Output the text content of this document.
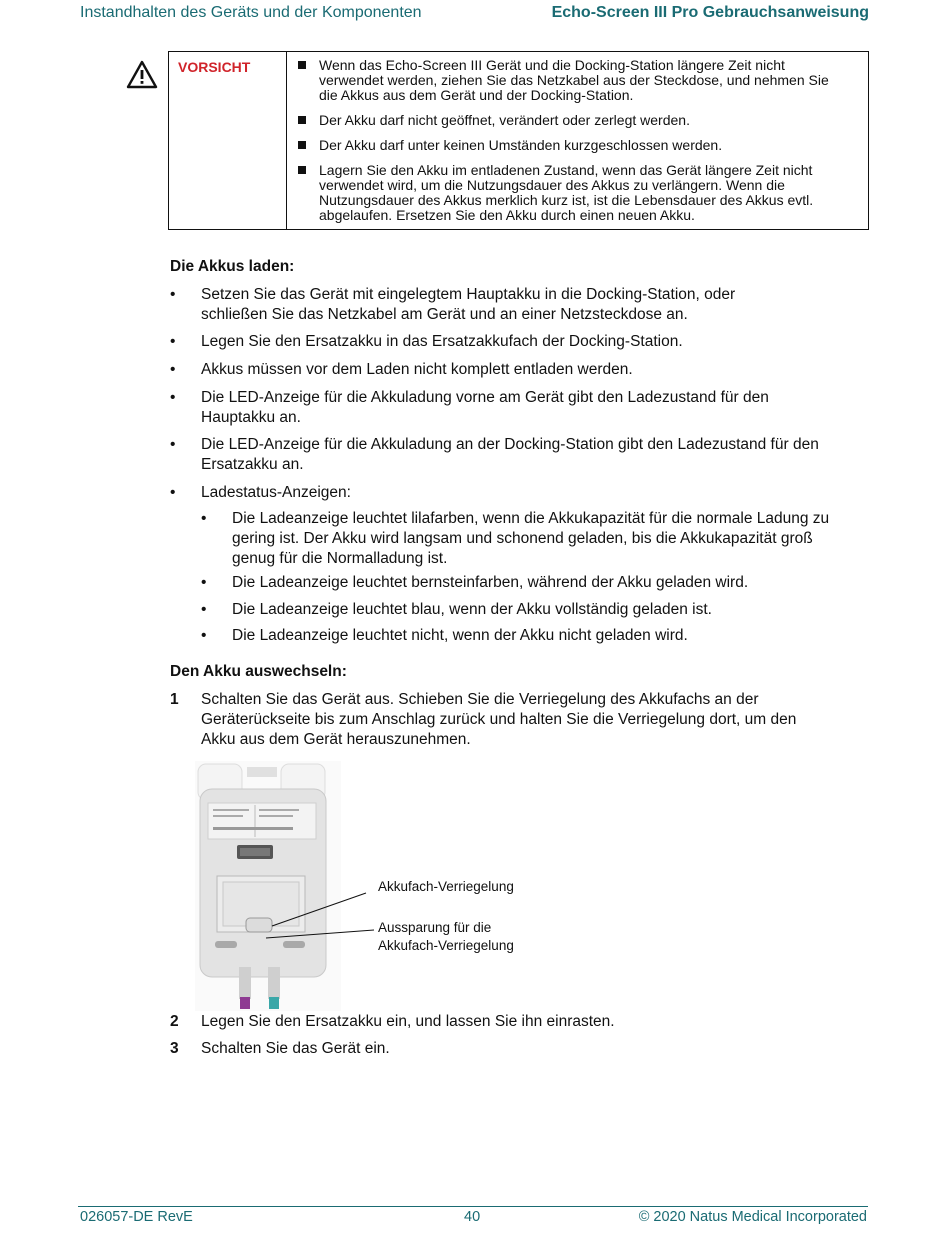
Instandhalten des Geräts und der Komponenten	Echo-Screen III Pro Gebrauchsanweisung
VORSICHT	Wenn das Echo-Screen III Gerät und die Docking-Station längere Zeit nicht verwendet werden, ziehen Sie das Netzkabel aus der Steckdose, und nehmen Sie die Akkus aus dem Gerät und der Docking-Station.
Der Akku darf nicht geöffnet, verändert oder zerlegt werden.
Der Akku darf unter keinen Umständen kurzgeschlossen werden.
Lagern Sie den Akku im entladenen Zustand, wenn das Gerät längere Zeit nicht verwendet wird, um die Nutzungsdauer des Akkus zu verlängern. Wenn die Nutzungsdauer des Akkus merklich kurz ist, ist die Lebensdauer des Akkus evtl. abgelaufen. Ersetzen Sie den Akku durch einen neuen Akku.
Die Akkus laden:
•	Setzen Sie das Gerät mit eingelegtem Hauptakku in die Docking-Station, oder schließen Sie das Netzkabel am Gerät und an einer Netzsteckdose an.
•	Legen Sie den Ersatzakku in das Ersatzakkufach der Docking-Station.
•	Akkus müssen vor dem Laden nicht komplett entladen werden.
•	Die LED-Anzeige für die Akkuladung vorne am Gerät gibt den Ladezustand für den Hauptakku an.
•	Die LED-Anzeige für die Akkuladung an der Docking-Station gibt den Ladezustand für den Ersatzakku an.
•	Ladestatus-Anzeigen:
•	Die Ladeanzeige leuchtet lilafarben, wenn die Akkukapazität für die normale Ladung zu gering ist. Der Akku wird langsam und schonend geladen, bis die Akkukapazität groß genug für die Normalladung ist.
•	Die Ladeanzeige leuchtet bernsteinfarben, während der Akku geladen wird.
•	Die Ladeanzeige leuchtet blau, wenn der Akku vollständig geladen ist.
•	Die Ladeanzeige leuchtet nicht, wenn der Akku nicht geladen wird.
Den Akku auswechseln:
1	Schalten Sie das Gerät aus. Schieben Sie die Verriegelung des Akkufachs an der Geräterückseite bis zum Anschlag zurück und halten Sie die Verriegelung dort, um den Akku aus dem Gerät herauszunehmen.
Akkufach-Verriegelung
Aussparung für die
Akkufach-Verriegelung
2	Legen Sie den Ersatzakku ein, und lassen Sie ihn einrasten.
3	Schalten Sie das Gerät ein.
026057-DE RevE	40	© 2020 Natus Medical Incorporated
